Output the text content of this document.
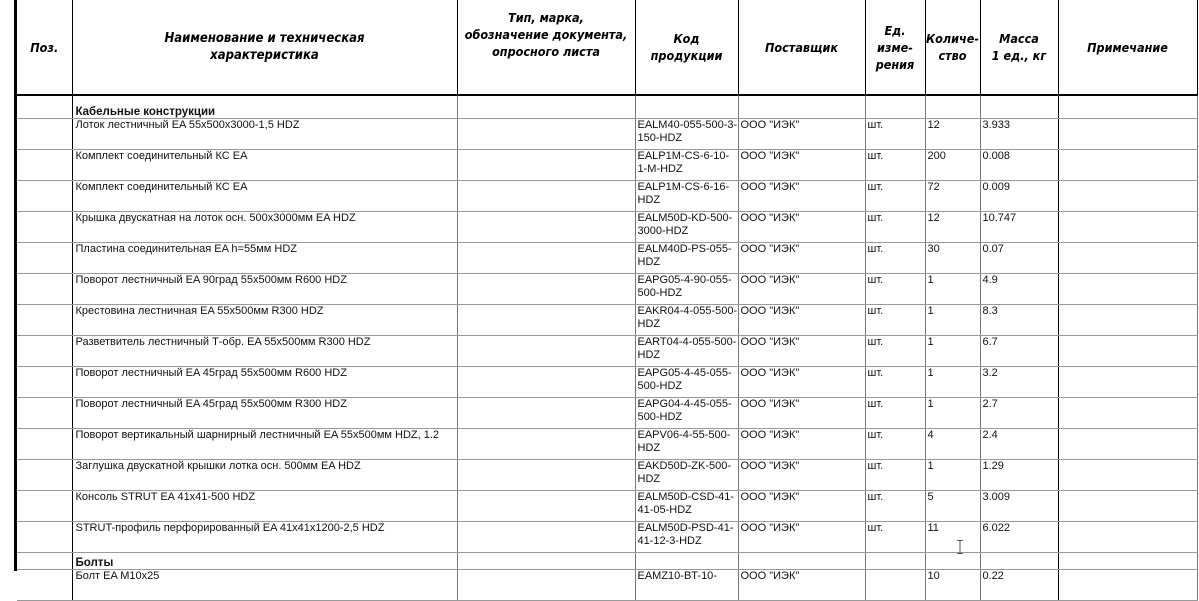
Поз.	Наименование и техническая
характеристика	Тип, марка,
обозначение документа,
опросного листа	Код
продукции	Поставщик	Ед.
изме-
рения	Количе-
ство	Масса
1 ед., кг	Примечание

	Кабельные конструкции							
	Лоток лестничный EA 55x500x3000-1,5 HDZ		EALM40-055-500-3-150-HDZ	ООО "ИЭК"	шт.	12	3.933	
	Комплект соединительный КС EA		EALP1M-CS-6-10-1-M-HDZ	ООО "ИЭК"	шт.	200	0.008	
	Комплект соединительный КС EA		EALP1M-CS-6-16-HDZ	ООО "ИЭК"	шт.	72	0.009	
	Крышка двускатная на лоток осн. 500x3000мм EA HDZ		EALM50D-KD-500-3000-HDZ	ООО "ИЭК"	шт.	12	10.747	
	Пластина соединительная EA h=55мм HDZ		EALM40D-PS-055-HDZ	ООО "ИЭК"	шт.	30	0.07	
	Поворот лестничный EA 90град 55x500мм R600 HDZ		EAPG05-4-90-055-500-HDZ	ООО "ИЭК"	шт.	1	4.9	
	Крестовина лестничная EA 55x500мм R300 HDZ		EAKR04-4-055-500-HDZ	ООО "ИЭК"	шт.	1	8.3	
	Разветвитель лестничный Т-обр. EA 55x500мм R300 HDZ		EART04-4-055-500-HDZ	ООО "ИЭК"	шт.	1	6.7	
	Поворот лестничный EA 45град 55x500мм R600 HDZ		EAPG05-4-45-055-500-HDZ	ООО "ИЭК"	шт.	1	3.2	
	Поворот лестничный EA 45град 55x500мм R300 HDZ		EAPG04-4-45-055-500-HDZ	ООО "ИЭК"	шт.	1	2.7	
	Поворот вертикальный шарнирный лестничный EA 55x500мм HDZ, 1.2		EAPV06-4-55-500-HDZ	ООО "ИЭК"	шт.	4	2.4	
	Заглушка двускатной крышки лотка осн. 500мм EA HDZ		EAKD50D-ZK-500-HDZ	ООО "ИЭК"	шт.	1	1.29	
	Консоль STRUT EA 41x41-500 HDZ		EALM50D-CSD-41-41-05-HDZ	ООО "ИЭК"	шт.	5	3.009	
	STRUT-профиль перфорированный EA 41x41x1200-2,5 HDZ		EALM50D-PSD-41-41-12-3-HDZ	ООО "ИЭК"	шт.	11	6.022	
	Болты							
	Болт EA M10x25		EAMZ10-BT-10-	ООО "ИЭК"		10	0.22	
